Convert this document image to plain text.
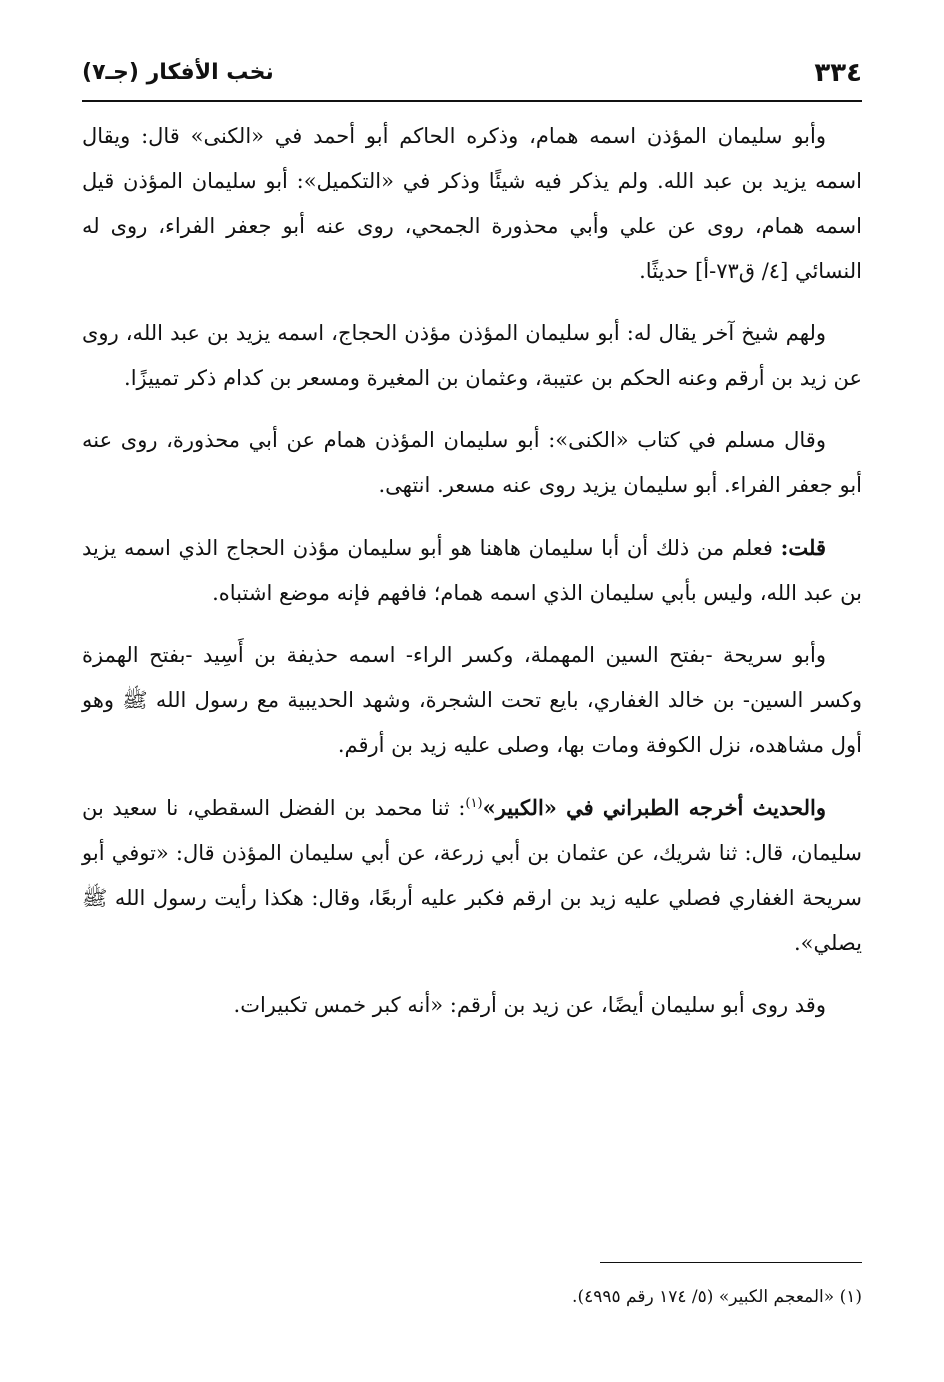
٣٣٤
نخب الأفكار (جـ٧)

وأبو سليمان المؤذن اسمه همام، وذكره الحاكم أبو أحمد في «الكنى» قال: ويقال اسمه يزيد بن عبد الله. ولم يذكر فيه شيئًا وذكر في «التكميل»: أبو سليمان المؤذن قيل اسمه همام، روى عن علي وأبي محذورة الجمحي، روى عنه أبو جعفر الفراء، روى له النسائي [٤/ ق٧٣-أ] حديثًا.

ولهم شيخ آخر يقال له: أبو سليمان المؤذن مؤذن الحجاج، اسمه يزيد بن عبد الله، روى عن زيد بن أرقم وعنه الحكم بن عتيبة، وعثمان بن المغيرة ومسعر بن كدام ذكر تمييزًا.

وقال مسلم في كتاب «الكنى»: أبو سليمان المؤذن همام عن أبي محذورة، روى عنه أبو جعفر الفراء. أبو سليمان يزيد روى عنه مسعر. انتهى.

قلت: فعلم من ذلك أن أبا سليمان هاهنا هو أبو سليمان مؤذن الحجاج الذي اسمه يزيد بن عبد الله، وليس بأبي سليمان الذي اسمه همام؛ فافهم فإنه موضع اشتباه.

وأبو سريحة -بفتح السين المهملة، وكسر الراء- اسمه حذيفة بن أَسِيد -بفتح الهمزة وكسر السين- بن خالد الغفاري، بايع تحت الشجرة، وشهد الحديبية مع رسول الله ﷺ وهو أول مشاهده، نزل الكوفة ومات بها، وصلى عليه زيد بن أرقم.

والحديث أخرجه الطبراني في «الكبير»$^{(١)}$: ثنا محمد بن الفضل السقطي، نا سعيد بن سليمان، قال: ثنا شريك، عن عثمان بن أبي زرعة، عن أبي سليمان المؤذن قال: «توفي أبو سريحة الغفاري فصلي عليه زيد بن ارقم فكبر عليه أربعًا، وقال: هكذا رأيت رسول الله ﷺ يصلي».

وقد روى أبو سليمان أيضًا، عن زيد بن أرقم: «أنه كبر خمس تكبيرات.

(١) «المعجم الكبير» (٥/ ١٧٤ رقم ٤٩٩٥).
